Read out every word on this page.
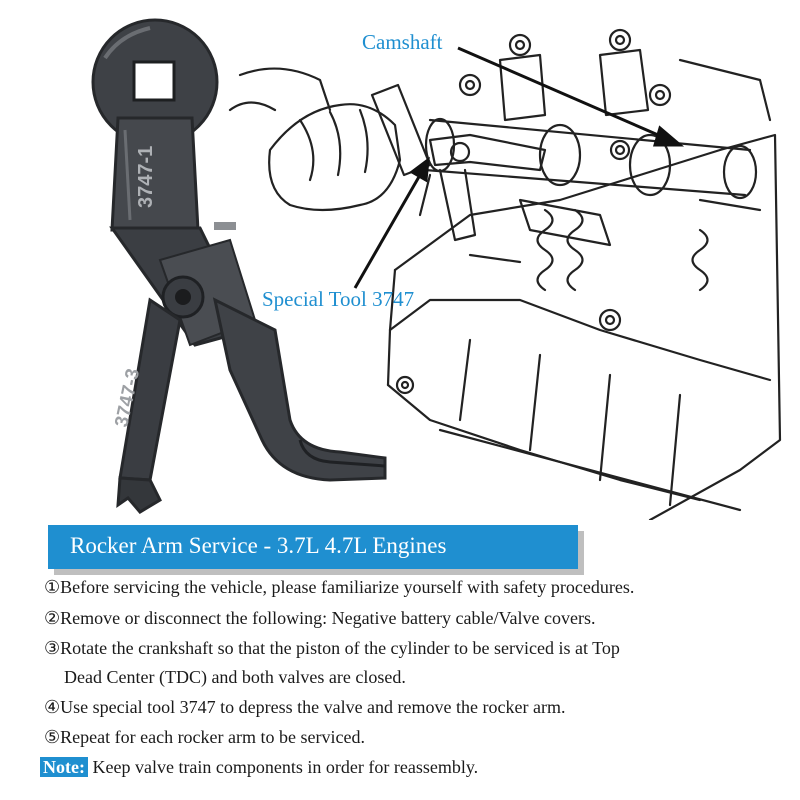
3747-1
3747-3
Camshaft
Special Tool 3747
Rocker Arm Service - 3.7L 4.7L Engines
①Before servicing the vehicle, please familiarize yourself with safety procedures.
②Remove or disconnect the following: Negative battery cable/Valve covers.
③Rotate the crankshaft so that the piston of the cylinder to be serviced is at Top
Dead Center (TDC) and both valves are closed.
④Use special tool 3747 to depress the valve and remove the rocker arm.
⑤Repeat for each rocker arm to be serviced.
Note: Keep valve train components in order for reassembly.
